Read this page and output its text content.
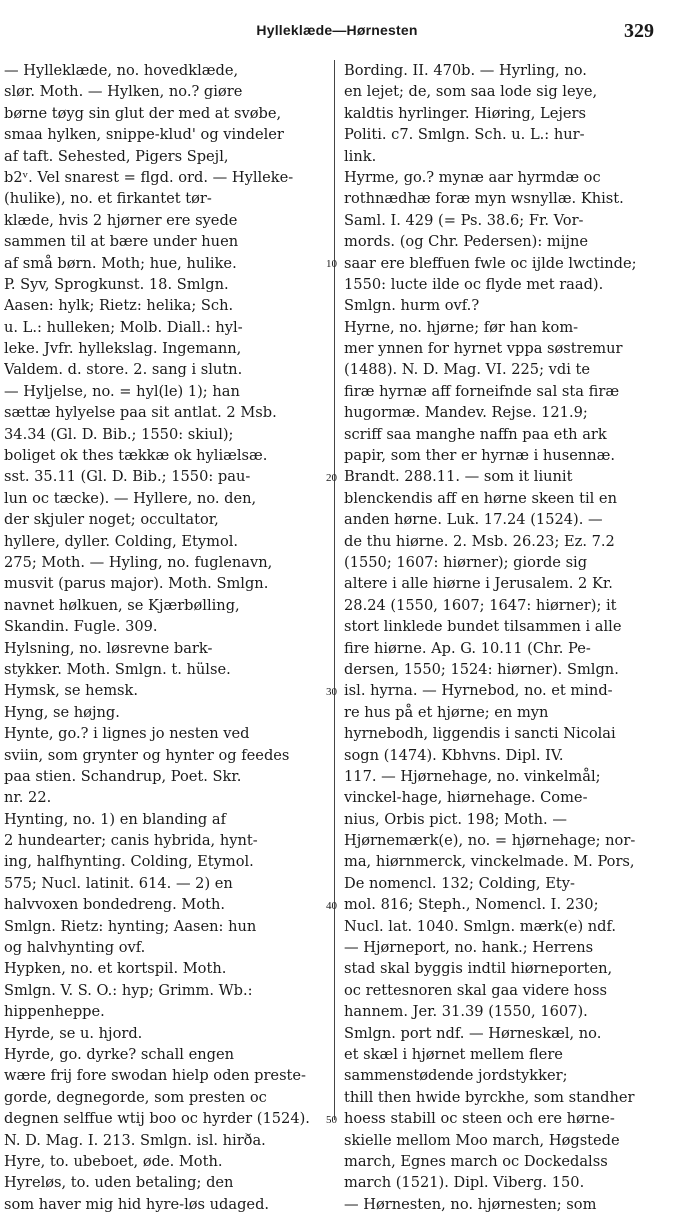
Hylleklæde—Hørnesten	329
— Hylleklæde, no. hovedklæde,
slør. Moth. — Hylken, no.? giøre
børne tøyg sin glut der med at svøbe,
smaa hylken, snippe-klud' og vindeler
af taft. Sehested, Pigers Spejl,
b2ᵛ. Vel snarest = flgd. ord. — Hylleke-
(hulike), no. et firkantet tør-
klæde, hvis 2 hjørner ere syede
sammen til at bære under huen
af små børn. Moth; hue, hulike.
P. Syv, Sprogkunst. 18. Smlgn.
Aasen: hylk; Rietz: helika; Sch.
u. L.: hulleken; Molb. Diall.: hyl-
leke. Jvfr. hyllekslag. Ingemann,
Valdem. d. store. 2. sang i slutn.
— Hyljelse, no. = hyl(le) 1); han
sættæ hylyelse paa sit antlat. 2 Msb.
34.34 (Gl. D. Bib.; 1550: skiul);
boliget ok thes tækkæ ok hyliælsæ.
sst. 35.11 (Gl. D. Bib.; 1550: pau-
lun oc tæcke). — Hyllere, no. den,
der skjuler noget; occultator,
hyllere, dyller. Colding, Etymol.
275; Moth. — Hyling, no. fuglenavn,
musvit (parus major). Moth. Smlgn.
navnet hølkuen, se Kjærbølling,
Skandin. Fugle. 309.
Hylsning, no. løsrevne bark-
stykker. Moth. Smlgn. t. hülse.
Hymsk, se hemsk.
Hyng, se højng.
Hynte, go.? i lignes jo nesten ved
sviin, som grynter og hynter og feedes
paa stien. Schandrup, Poet. Skr.
nr. 22.
Hynting, no. 1) en blanding af
2 hundearter; canis hybrida, hynt-
ing, halfhynting. Colding, Etymol.
575; Nucl. latinit. 614. — 2) en
halvvoxen bondedreng. Moth.
Smlgn. Rietz: hynting; Aasen: hun
og halvhynting ovf.
Hypken, no. et kortspil. Moth.
Smlgn. V. S. O.: hyp; Grimm. Wb.:
hippenheppe.
Hyrde, se u. hjord.
Hyrde, go. dyrke? schall engen
wære frij fore swodan hielp oden preste-
gorde, degnegorde, som presten oc
degnen selffue wtij boo oc hyrder (1524).
N. D. Mag. I. 213. Smlgn. isl. hirða.
Hyre, to. ubeboet, øde. Moth.
Hyreløs, to. uden betaling; den
som haver mig hid hyre-løs udaged.
Bording. II. 470b. — Hyrling, no.
en lejet; de, som saa lode sig leye,
kaldtis hyrlinger. Hiøring, Lejers
Politi. c7. Smlgn. Sch. u. L.: hur-
link.
Hyrme, go.? mynæ aar hyrmdæ oc
rothnædhæ foræ myn wsnyllæ. Khist.
Saml. I. 429 (= Ps. 38.6; Fr. Vor-
mords. (og Chr. Pedersen): mijne
saar ere bleffuen fwle oc ijlde lwctinde;
1550: lucte ilde oc flyde met raad).
Smlgn. hurm ovf.?
Hyrne, no. hjørne; før han kom-
mer ynnen for hyrnet vppa søstremur
(1488). N. D. Mag. VI. 225; vdi te
firæ hyrnæ aff forneifnde sal sta firæ
hugormæ. Mandev. Rejse. 121.9;
scriff saa manghe naffn paa eth ark
papir, som ther er hyrnæ i husennæ.
Brandt. 288.11. — som it liunit
blenckendis aff en hørne skeen til en
anden hørne. Luk. 17.24 (1524). —
de thu hiørne. 2. Msb. 26.23; Ez. 7.2
(1550; 1607: hiørner); giorde sig
altere i alle hiørne i Jerusalem. 2 Kr.
28.24 (1550, 1607; 1647: hiørner); it
stort linklede bundet tilsammen i alle
fire hiørne. Ap. G. 10.11 (Chr. Pe-
dersen, 1550; 1524: hiørner). Smlgn.
isl. hyrna. — Hyrnebod, no. et mind-
re hus på et hjørne; en myn
hyrnebodh, liggendis i sancti Nicolai
sogn (1474). Kbhvns. Dipl. IV.
117. — Hjørnehage, no. vinkelmål;
vinckel-hage, hiørnehage. Come-
nius, Orbis pict. 198; Moth. —
Hjørnemærk(e), no. = hjørnehage; nor-
ma, hiørnmerck, vinckelmade. M. Pors,
De nomencl. 132; Colding, Ety-
mol. 816; Steph., Nomencl. I. 230;
Nucl. lat. 1040. Smlgn. mærk(e) ndf.
— Hjørneport, no. hank.; Herrens
stad skal byggis indtil hiørneporten,
oc rettesnoren skal gaa videre hoss
hannem. Jer. 31.39 (1550, 1607).
Smlgn. port ndf. — Hørneskæl, no.
et skæl i hjørnet mellem flere
sammenstødende jordstykker;
thill then hwide byrckhe, som standher
hoess stabill oc steen och ere hørne-
skielle mellom Moo march, Høgstede
march, Egnes march oc Dockedalss
march (1521). Dipl. Viberg. 150.
— Hørnesten, no. hjørnesten; som
10
20
30
40
50
